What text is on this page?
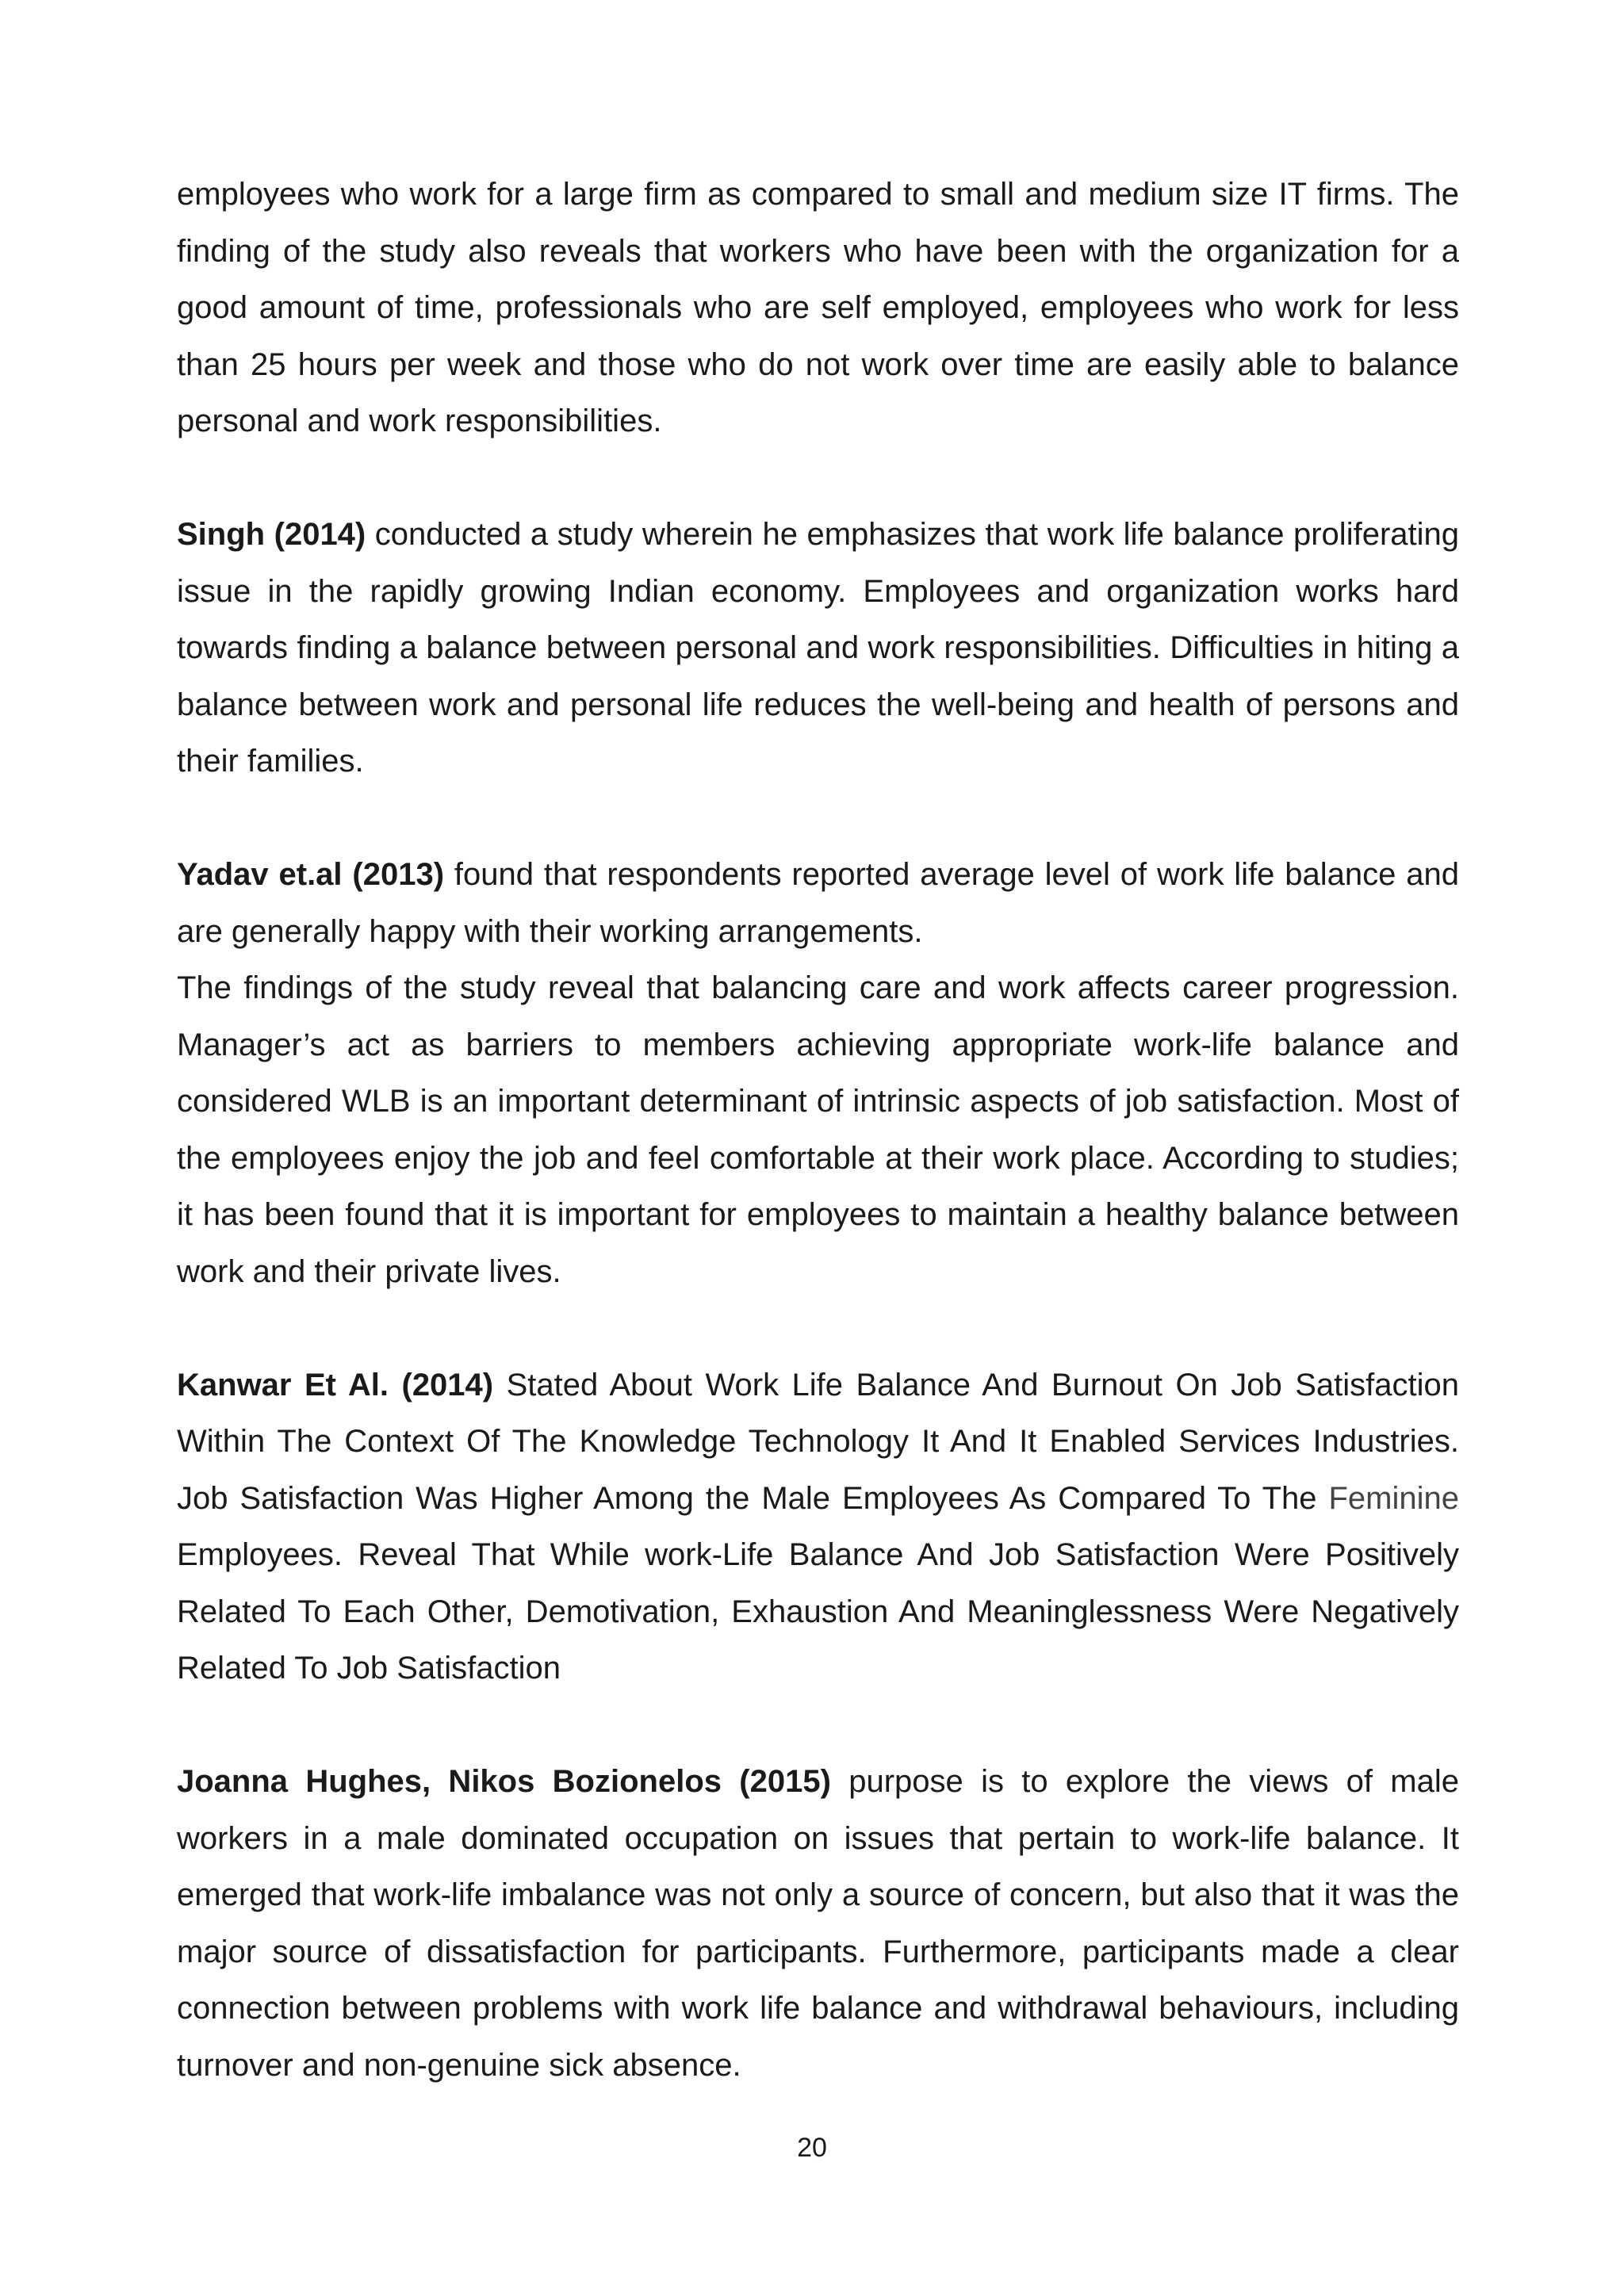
employees who work for a large firm as compared to small and medium size IT firms. The finding of the study also reveals that workers who have been with the organization for a good amount of time, professionals who are self employed, employees who work for less than 25 hours per week and those who do not work over time are easily able to balance personal and work responsibilities.

Singh (2014) conducted a study wherein he emphasizes that work life balance proliferating issue in the rapidly growing Indian economy. Employees and organization works hard towards finding a balance between personal and work responsibilities. Difficulties in hiting a balance between work and personal life reduces the well-being and health of persons and their families.

Yadav et.al (2013) found that respondents reported average level of work life balance and are generally happy with their working arrangements.

The findings of the study reveal that balancing care and work affects career progression. Manager’s act as barriers to members achieving appropriate work-life balance and considered WLB is an important determinant of intrinsic aspects of job satisfaction. Most of the employees enjoy the job and feel comfortable at their work place. According to studies; it has been found that it is important for employees to maintain a healthy balance between work and their private lives.

Kanwar Et Al. (2014) Stated About Work Life Balance And Burnout On Job Satisfaction Within The Context Of The Knowledge Technology It And It Enabled Services Industries. Job Satisfaction Was Higher Among the Male Employees As Compared To The Feminine Employees. Reveal That While work-Life Balance And Job Satisfaction Were Positively Related To Each Other, Demotivation, Exhaustion And Meaninglessness Were Negatively Related To Job Satisfaction

Joanna Hughes, Nikos Bozionelos (2015) purpose is to explore the views of male workers in a male dominated occupation on issues that pertain to work-life balance. It emerged that work-life imbalance was not only a source of concern, but also that it was the major source of dissatisfaction for participants. Furthermore, participants made a clear connection between problems with work life balance and withdrawal behaviours, including turnover and non-genuine sick absence.

20
